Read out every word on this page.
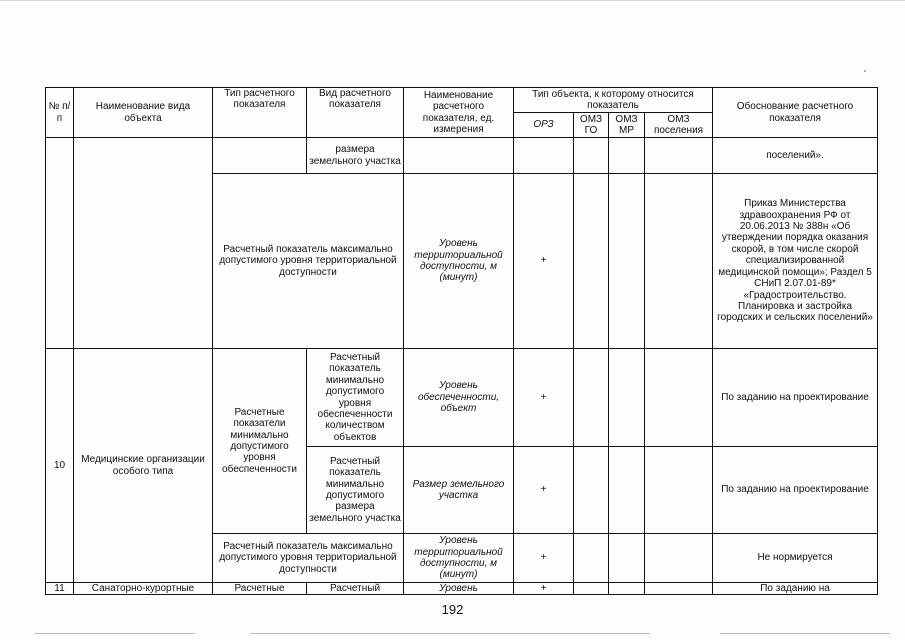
№ п/п	Наименование вида объекта	Тип расчетного показателя	Вид расчетного показателя	Наименование расчетного показателя, ед. измерения	Тип объекта, к которому относится показатель				Обоснование расчетного показателя
					ОРЗ	ОМЗ ГО	ОМЗ МР	ОМЗ поселения	
			размера земельного участка						поселений».
		Расчетный показатель максимально допустимого уровня территориальной доступности		Уровень территориальной доступности, м (минут)	+				Приказ Министерства здравоохранения РФ от 20.06.2013 № 388н «Об утверждении порядка оказания скорой, в том числе скорой специализированной медицинской помощи»; Раздел 5 СНиП 2.07.01-89* «Градостроительство. Планировка и застройка городских и сельских поселений»
10	Медицинские организации особого типа	Расчетные показатели минимально допустимого уровня обеспеченности	Расчетный показатель минимально допустимого уровня обеспеченности количеством объектов	Уровень обеспеченности, объект	+				По заданию на проектирование
			Расчетный показатель минимально допустимого размера земельного участка	Размер земельного участка	+				По заданию на проектирование
		Расчетный показатель максимально допустимого уровня территориальной доступности		Уровень территориальной доступности, м (минут)	+				Не нормируется
11	Санаторно-курортные	Расчетные	Расчетный	Уровень	+				По заданию на
192
